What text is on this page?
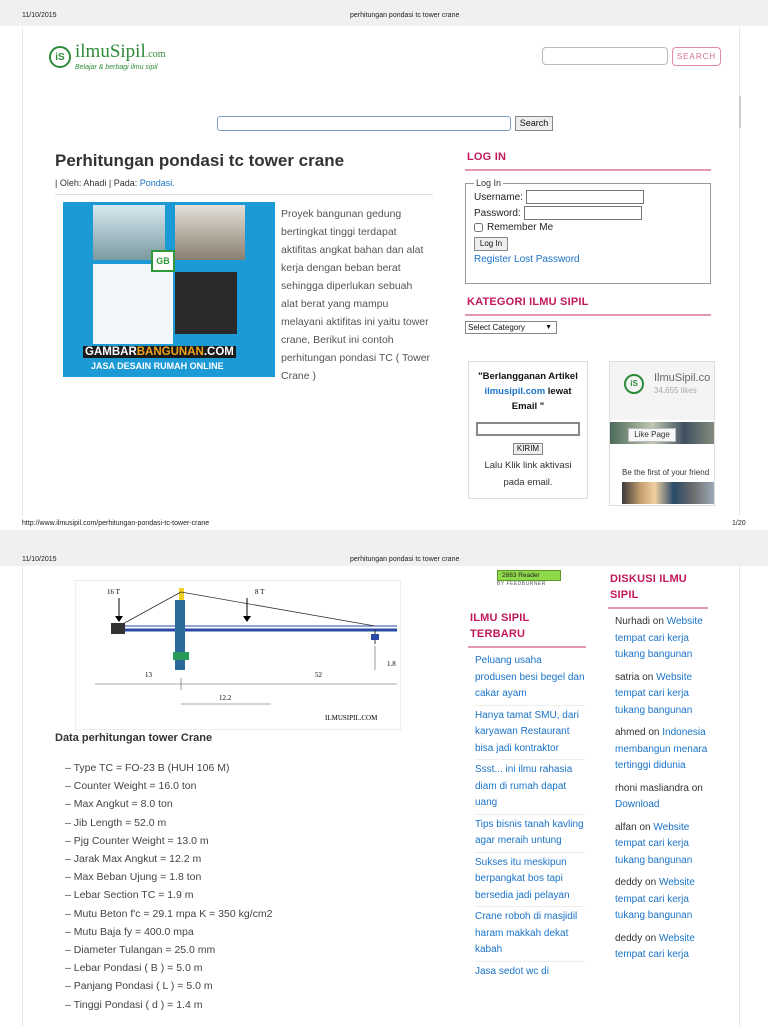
11/10/2015	perhitungan pondasi tc tower crane
iS ilmuSipil.com
Belajar & berbagi ilmu sipil
SEARCH
Search
Perhitungan pondasi tc tower crane
| Oleh: Ahadi | Pada: Pondasi.
GB
GAMBARBANGUNAN.COM
JASA DESAIN RUMAH ONLINE
Proyek bangunan gedung bertingkat tinggi terdapat aktifitas angkat bahan dan alat kerja dengan beban berat sehingga diperlukan sebuah alat berat yang mampu melayani aktifitas ini yaitu tower crane, Berikut ini contoh perhitungan pondasi TC ( Tower Crane )
LOG IN
Log In
Username:
Password:
Remember Me
Log In
Register Lost Password
KATEGORI ILMU SIPIL
Select Category	▼
"Berlangganan Artikel
ilmusipil.com lewat
Email "
KIRIM
Lalu Klik link aktivasi
pada email.
iS	IlmuSipil.co
34,655 likes
Like Page
Be the first of your friend
http://www.ilmusipil.com/perhitungan-pondasi-tc-tower-crane	1/20
11/10/2015	perhitungan pondasi tc tower crane
16 T	8 T
13	52
12.2
1.8
ILMUSIPIL.COM
Data perhitungan tower Crane
– Type TC = FO-23 B (HUH 106 M)
– Counter Weight = 16.0 ton
– Max Angkut = 8.0 ton
– Jib Length = 52.0 m
– Pjg Counter Weight = 13.0 m
– Jarak Max Angkut = 12.2 m
– Max Beban Ujung = 1.8 ton
– Lebar Section TC = 1.9 m
– Mutu Beton f'c = 29.1 mpa K = 350 kg/cm2
– Mutu Baja fy = 400.0 mpa
– Diameter Tulangan = 25.0 mm
– Lebar Pondasi ( B ) = 5.0 m
– Panjang Pondasi ( L ) = 5.0 m
– Tinggi Pondasi ( d ) = 1.4 m
2883 Reader
BY FEEDBURNER
ILMU SIPIL
TERBARU
Peluang usaha produsen besi begel dan cakar ayam
Hanya tamat SMU, dari karyawan Restaurant bisa jadi kontraktor
Ssst... ini ilmu rahasia diam di rumah dapat uang
Tips bisnis tanah kavling agar meraih untung
Sukses itu meskipun berpangkat bos tapi bersedia jadi pelayan
Crane roboh di masjidil haram makkah dekat kabah
Jasa sedot wc di
DISKUSI ILMU
SIPIL
Nurhadi on Website tempat cari kerja tukang bangunan
satria on Website tempat cari kerja tukang bangunan
ahmed on Indonesia membangun menara tertinggi didunia
rhoni masliandra on Download
alfan on Website tempat cari kerja tukang bangunan
deddy on Website tempat cari kerja tukang bangunan
deddy on Website tempat cari kerja
